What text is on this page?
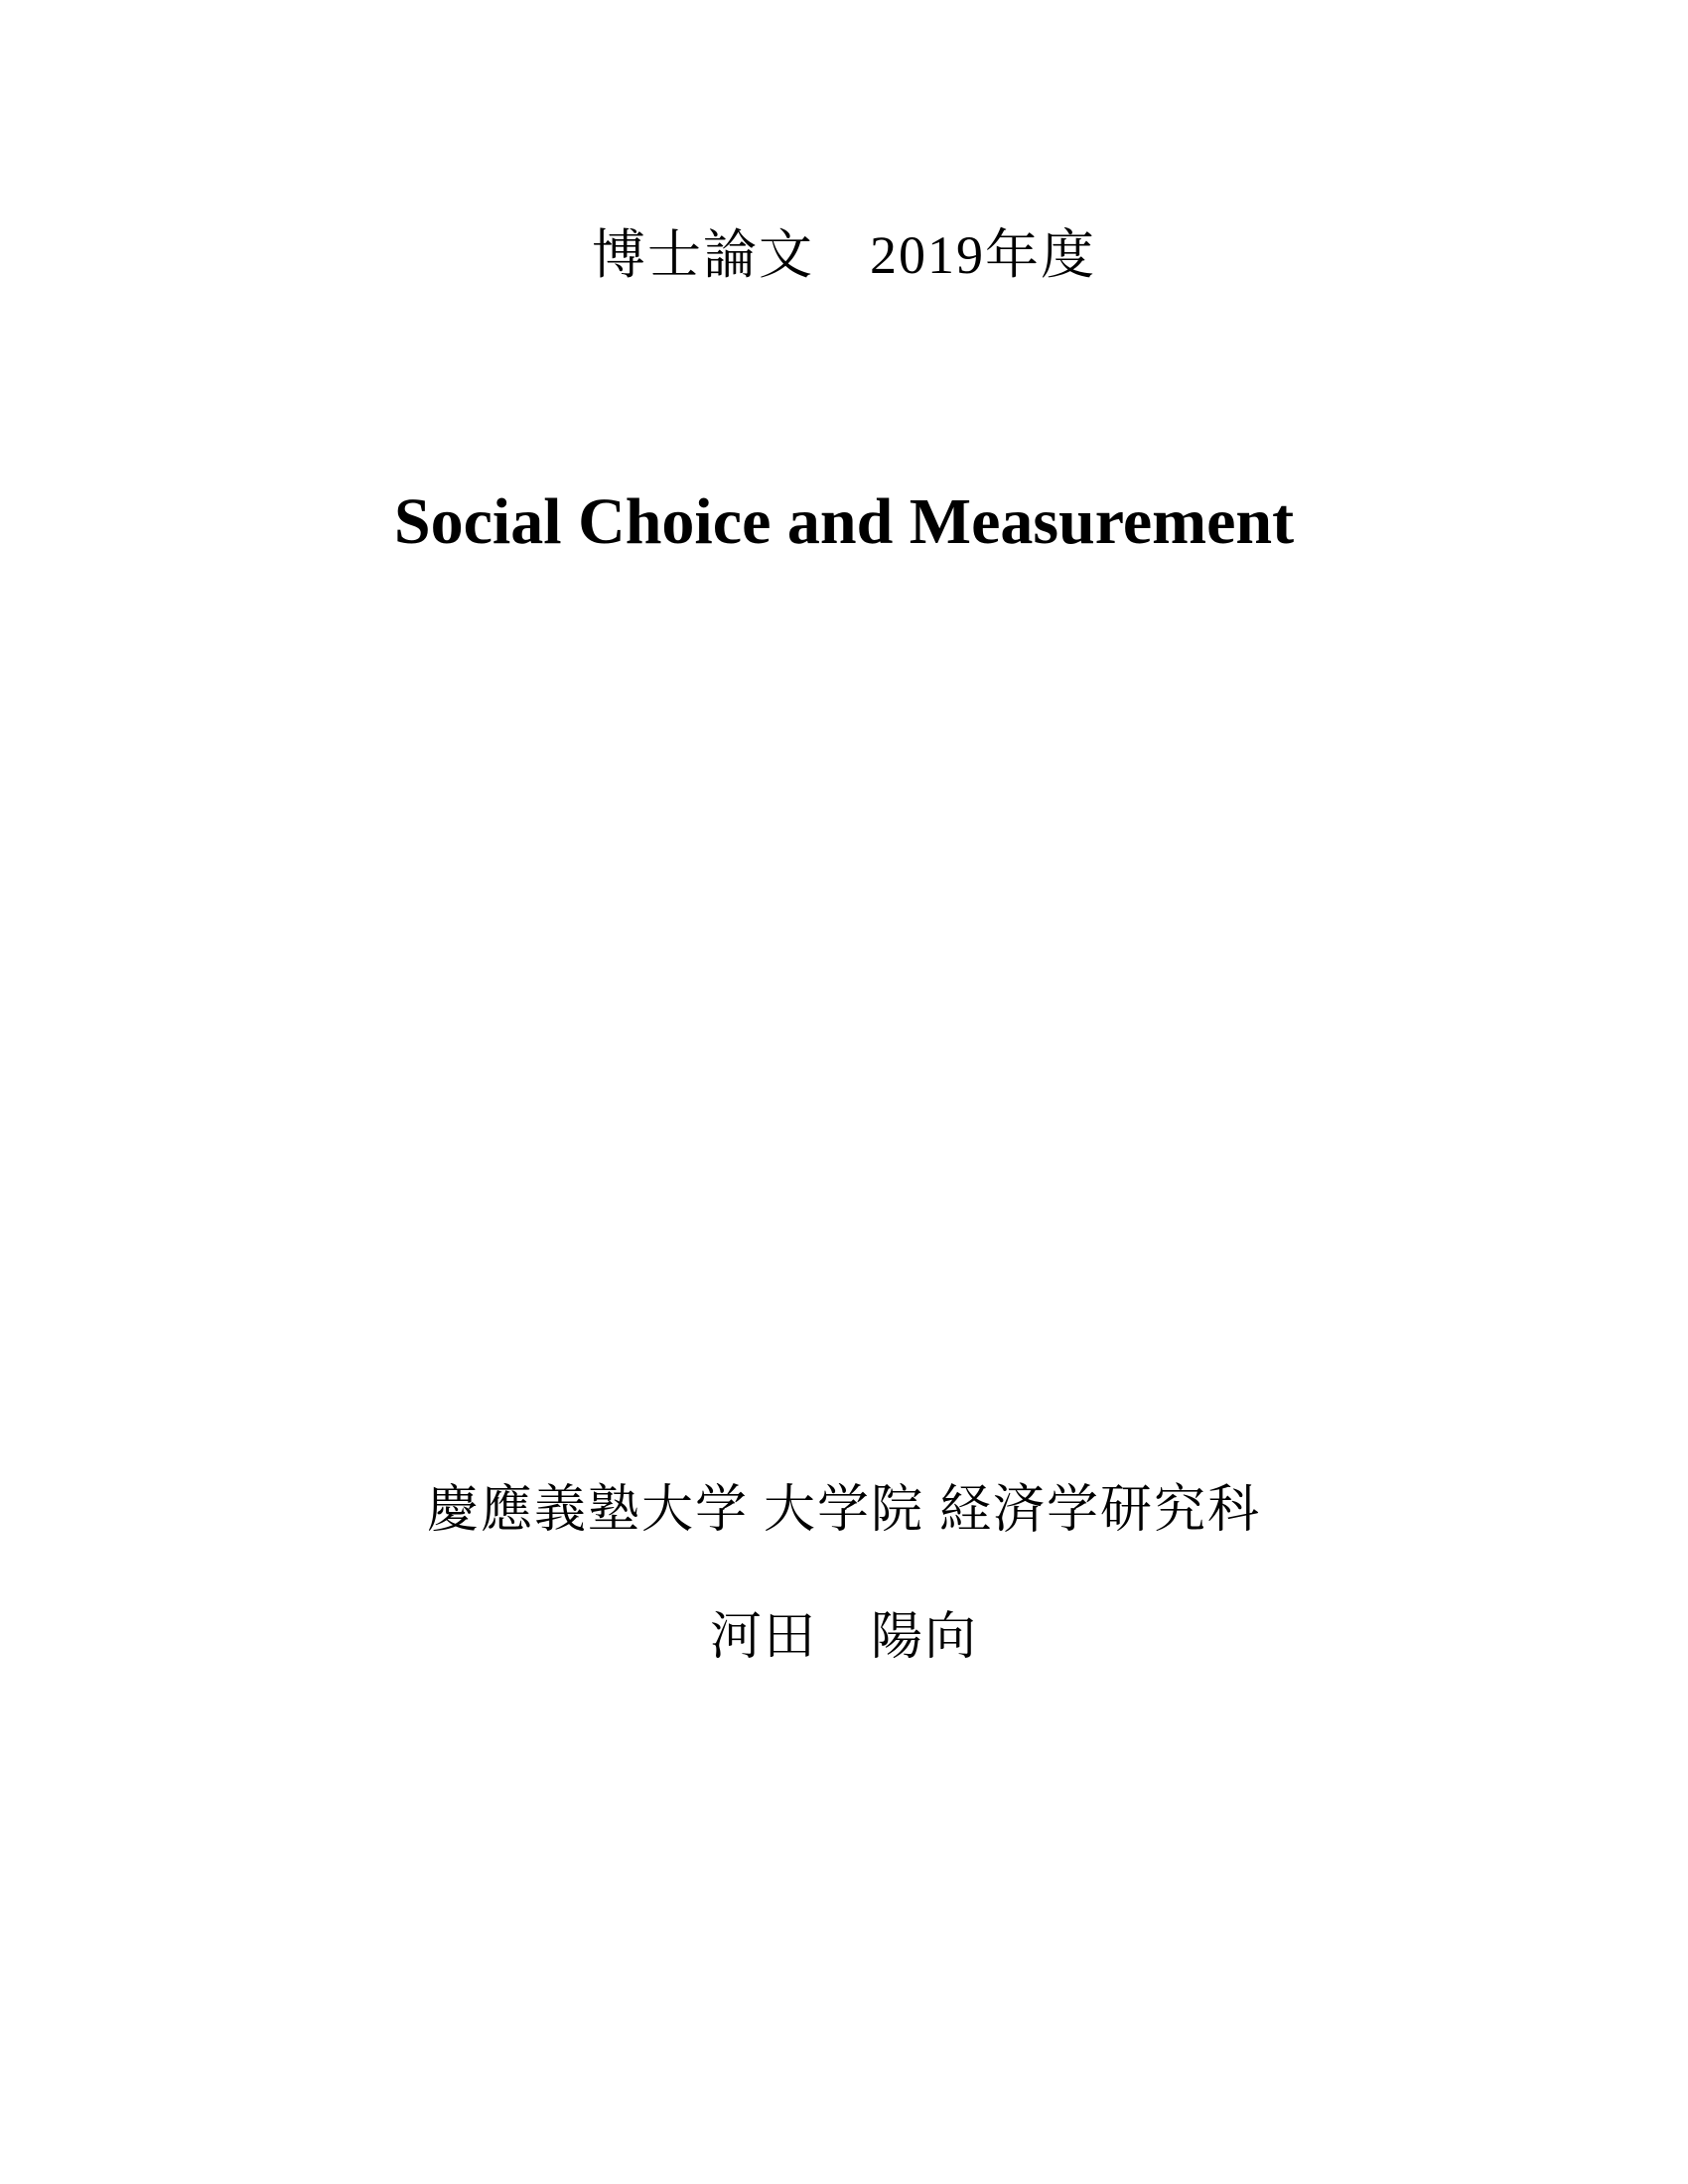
博士論文　2019年度
Social Choice and Measurement
慶應義塾大学 大学院 経済学研究科
河田　陽向
